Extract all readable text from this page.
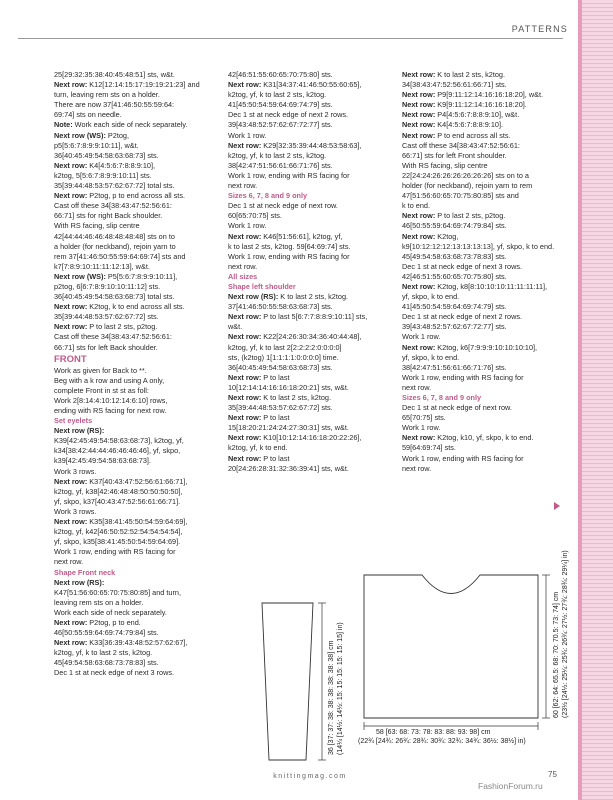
PATTERNS

25[29:32:35:38:40:45:48:51] sts, w&t.

Next row: K12[12:14:15:17:19:19:21:23] and

turn, leaving rem sts on a holder.

There are now 37[41:46:50:55:59:64:

69:74] sts on needle.

Note: Work each side of neck separately.

Next row (WS): P2tog,

p5[5:6:7:8:9:9:10:11], w&t.

36[40:45:49:54:58:63:68:73] sts.

Next row: K4[4:5:6:7:8:8:9:10],

k2tog, 5[5:6:7:8:9:9:10:11] sts.

35[39:44:48:53:57:62:67:72] total sts.

Next row: P2tog, p to end across all sts.

Cast off these 34[38:43:47:52:56:61:

66:71] sts for right Back shoulder.

With RS facing, slip centre

42[44:44:46:46:48:48:48:48] sts on to

a holder (for neckband), rejoin yarn to

rem 37[41:46:50:55:59:64:69:74] sts and

k7[7:8:9:10:11:11:12:13], w&t.

Next row (WS): P5[5:6:7:8:9:9:10:11],

p2tog, 6[6:7:8:9:10:10:11:12] sts.

36[40:45:49:54:58:63:68:73] total sts.

Next row: K2tog, k to end across all sts.

35[39:44:48:53:57:62:67:72] sts.

Next row: P to last 2 sts, p2tog.

Cast off these 34[38:43:47:52:56:61:

66:71] sts for left Back shoulder.

FRONT

Work as given for Back to **.

Beg with a k row and using A only,

complete Front in st st as foll:

Work 2[8:14:4:10:12:14:6:10] rows,

ending with RS facing for next row.

Set eyelets

Next row (RS):

K39[42:45:49:54:58:63:68:73], k2tog, yf,

k34[38:42:44:44:46:46:46:46], yf, skpo,

k39[42:45:49:54:58:63:68:73].

Work 3 rows.

Next row: K37[40:43:47:52:56:61:66:71],

k2tog, yf, k38[42:46:48:48:50:50:50:50],

yf, skpo, k37[40:43:47:52:56:61:66:71].

Work 3 rows.

Next row: K35[38:41:45:50:54:59:64:69],

k2tog, yf, k42[46:50:52:52:54:54:54:54],

yf, skpo, k35[38:41:45:50:54:59:64:69].

Work 1 row, ending with RS facing for

next row.

Shape Front neck

Next row (RS):

K47[51:56:60:65:70:75:80:85] and turn,

leaving rem sts on a holder.

Work each side of neck separately.

Next row: P2tog, p to end.

46[50:55:59:64:69:74:79:84] sts.

Next row: K33[36:39:43:48:52:57:62:67],

k2tog, yf, k to last 2 sts, k2tog.

45[49:54:58:63:68:73:78:83] sts.

Dec 1 st at neck edge of next 3 rows.

42[46:51:55:60:65:70:75:80] sts.

Next row: K31[34:37:41:46:50:55:60:65],

k2tog, yf, k to last 2 sts, k2tog.

41[45:50:54:59:64:69:74:79] sts.

Dec 1 st at neck edge of next 2 rows.

39[43:48:52:57:62:67:72:77] sts.

Work 1 row.

Next row: K29[32:35:39:44:48:53:58:63],

k2tog, yf, k to last 2 sts, k2tog.

38[42:47:51:56:61:66:71:76] sts.

Work 1 row, ending with RS facing for

next row.

Sizes 6, 7, 8 and 9 only

Dec 1 st at neck edge of next row.

60[65:70:75] sts.

Work 1 row.

Next row: K46[51:56:61], k2tog, yf,

k to last 2 sts, k2tog. 59[64:69:74] sts.

Work 1 row, ending with RS facing for

next row.

All sizes

Shape left shoulder

Next row (RS): K to last 2 sts, k2tog.

37[41:46:50:55:58:63:68:73] sts.

Next row: P to last 5[6:7:7:8:8:9:10:11] sts,

w&t.

Next row: K22[24:26:30:34:36:40:44:48],

k2tog, yf, k to last 2[2:2:2:2:0:0:0:0]

sts, (k2tog) 1[1:1:1:1:0:0:0:0] time.

36[40:45:49:54:58:63:68:73] sts.

Next row: P to last

10[12:14:14:16:16:18:20:21] sts, w&t.

Next row: K to last 2 sts, k2tog.

35[39:44:48:53:57:62:67:72] sts.

Next row: P to last

15[18:20:21:24:24:27:30:31] sts, w&t.

Next row: K10[10:12:14:16:18:20:22:26],

k2tog, yf, k to end.

Next row: P to last

20[24:26:28:31:32:36:39:41] sts, w&t.

Next row: K to last 2 sts, k2tog.

34[38:43:47:52:56:61:66:71] sts.

Next row: P9[9:11:12:14:16:16:18:20], w&t.

Next row: K9[9:11:12:14:16:16:18:20].

Next row: P4[4:5:6:7:8:8:9:10], w&t.

Next row: K4[4:5:6:7:8:8:9:10].

Next row: P to end across all sts.

Cast off these 34[38:43:47:52:56:61:

66:71] sts for left Front shoulder.

With RS facing, slip centre

22[24:24:26:26:26:26:26:26] sts on to a

holder (for neckband), rejoin yarn to rem

47[51:56:60:65:70:75:80:85] sts and

k to end.

Next row: P to last 2 sts, p2tog.

46[50:55:59:64:69:74:79:84] sts.

Next row: K2tog,

k9[10:12:12:12:13:13:13:13], yf, skpo, k to end.

45[49:54:58:63:68:73:78:83] sts.

Dec 1 st at neck edge of next 3 rows.

42[46:51:55:60:65:70:75:80] sts.

Next row: K2tog, k8[8:10:10:10:11:11:11:11],

yf, skpo, k to end.

41[45:50:54:59:64:69:74:79] sts.

Dec 1 st at neck edge of next 2 rows.

39[43:48:52:57:62:67:72:77] sts.

Work 1 row.

Next row: K2tog, k6[7:9:9:9:10:10:10:10],

yf, skpo, k to end.

38[42:47:51:56:61:66:71:76] sts.

Work 1 row, ending with RS facing for

next row.

Sizes 6, 7, 8 and 9 only

Dec 1 st at neck edge of next row.

65[70:75] sts.

Work 1 row.

Next row: K2tog, k10, yf, skpo, k to end.

59[64:69:74] sts.

Work 1 row, ending with RS facing for

next row.

36 [37: 37: 38: 38: 38: 38: 38: 38] cm (14¼ [14½: 14½: 15: 15: 15: 15: 15: 15] in)	60 [62: 64: 65.5: 68: 70: 70.5: 73: 74] cm (23½ [24½: 25¼: 25¾: 26¾: 27½: 27¾: 28¾: 29¼] in)
58 [63: 68: 73: 78: 83: 88: 93: 98] cm
(22¾ [24¾: 26¾: 28¾: 30¾: 32¾: 34¾: 36½: 38½] in)
knittingmag.com	75
FashionForum.ru
